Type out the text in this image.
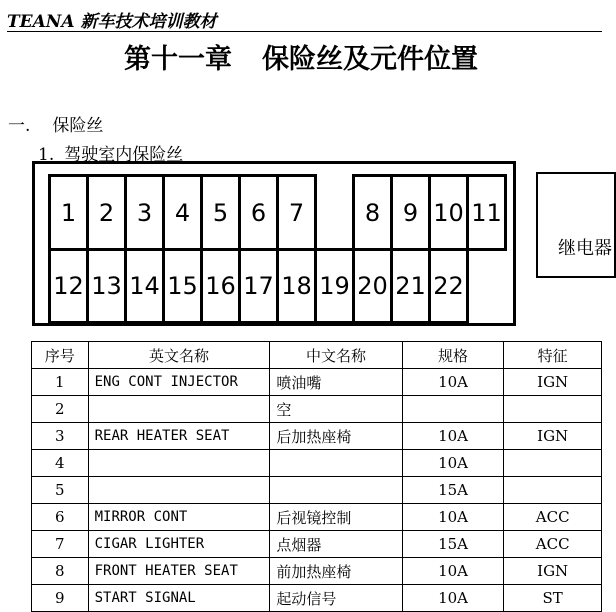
TEANA 新车技术培训教材
第十一章 保险丝及元件位置
一. 保险丝
1. 驾驶室内保险丝
1 2 3 4 5 6 7	8 9 10 11
12 13 14 15 16 17 18 19 20 21 22
继电器
序号	英文名称	中文名称	规格	特征
1	ENG CONT INJECTOR	喷油嘴	10A	IGN
2		空		
3	REAR HEATER SEAT	后加热座椅	10A	IGN
4			10A	
5			15A	
6	MIRROR CONT	后视镜控制	10A	ACC
7	CIGAR LIGHTER	点烟器	15A	ACC
8	FRONT HEATER SEAT	前加热座椅	10A	IGN
9	START SIGNAL	起动信号	10A	ST
